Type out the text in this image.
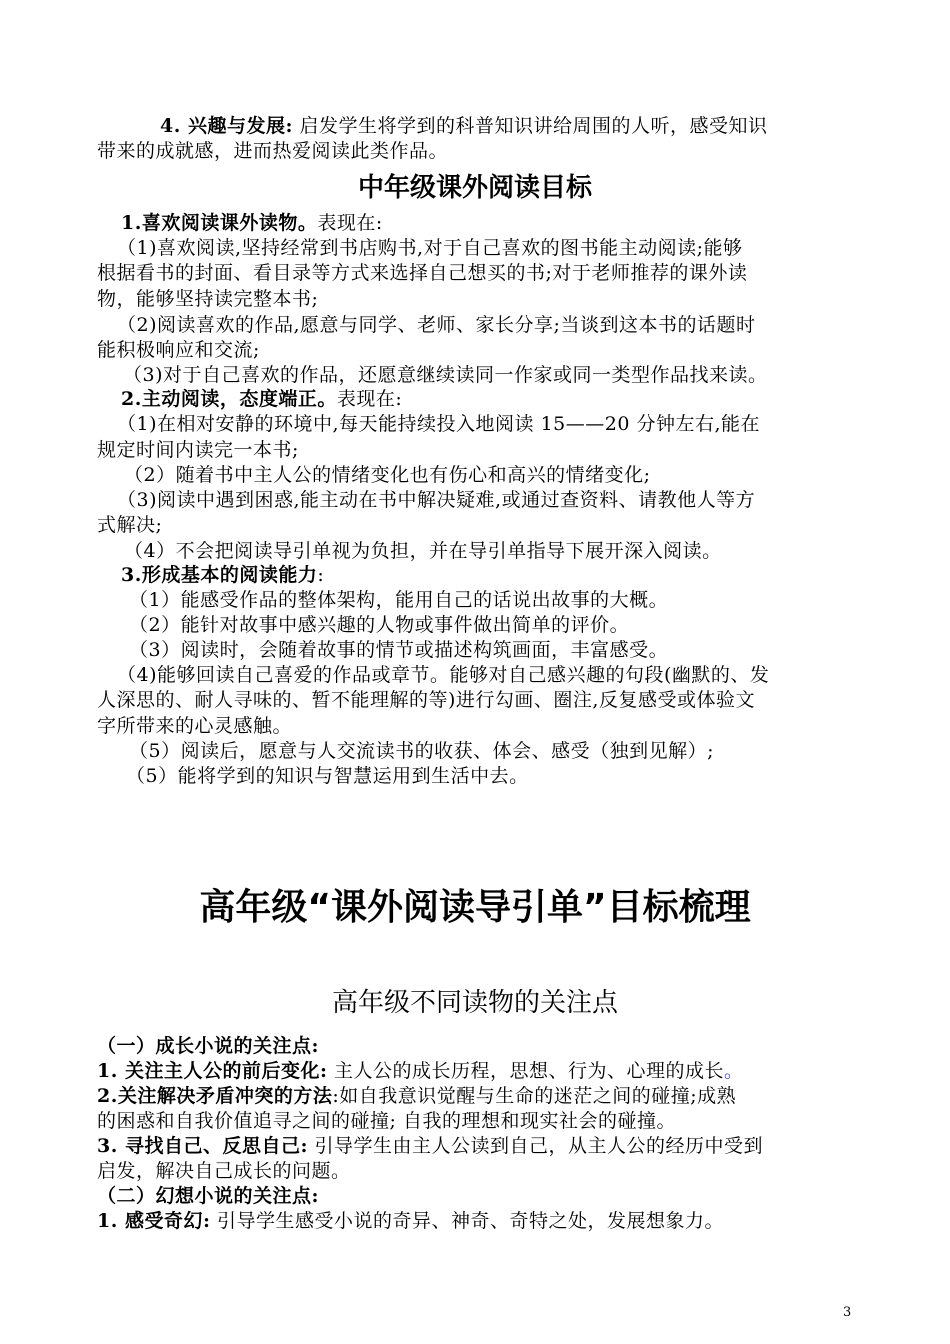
4. 兴趣与发展: 启发学生将学到的科普知识讲给周围的人听，感受知识
带来的成就感，进而热爱阅读此类作品。
中年级课外阅读目标
1.喜欢阅读课外读物。表现在:
（1)喜欢阅读,坚持经常到书店购书,对于自己喜欢的图书能主动阅读;能够
根据看书的封面、看目录等方式来选择自己想买的书;对于老师推荐的课外读
物，能够坚持读完整本书;
（2)阅读喜欢的作品,愿意与同学、老师、家长分享;当谈到这本书的话题时
能积极响应和交流;
（3)对于自己喜欢的作品，还愿意继续读同一作家或同一类型作品找来读。
2.主动阅读，态度端正。表现在:
（1)在相对安静的环境中,每天能持续投入地阅读 15——20 分钟左右,能在
规定时间内读完一本书;
（2）随着书中主人公的情绪变化也有伤心和高兴的情绪变化;
（3)阅读中遇到困惑,能主动在书中解决疑难,或通过查资料、请教他人等方
式解决;
（4）不会把阅读导引单视为负担，并在导引单指导下展开深入阅读。
3.形成基本的阅读能力:
（1）能感受作品的整体架构，能用自己的话说出故事的大概。
（2）能针对故事中感兴趣的人物或事件做出简单的评价。
（3）阅读时，会随着故事的情节或描述构筑画面，丰富感受。
（4)能够回读自己喜爱的作品或章节。能够对自己感兴趣的句段(幽默的、发
人深思的、耐人寻味的、暂不能理解的等)进行勾画、圈注,反复感受或体验文
字所带来的心灵感触。
（5）阅读后，愿意与人交流读书的收获、体会、感受（独到见解）;
（5）能将学到的知识与智慧运用到生活中去。
高年级“课外阅读导引单”目标梳理
高年级不同读物的关注点
（一）成长小说的关注点:
1. 关注主人公的前后变化: 主人公的成长历程，思想、行为、心理的成长。
2.关注解决矛盾冲突的方法:如自我意识觉醒与生命的迷茫之间的碰撞;成熟
的困惑和自我价值追寻之间的碰撞; 自我的理想和现实社会的碰撞。
3. 寻找自己、反思自己: 引导学生由主人公读到自己，从主人公的经历中受到
启发，解决自己成长的问题。
（二）幻想小说的关注点:
1. 感受奇幻: 引导学生感受小说的奇异、神奇、奇特之处，发展想象力。
3
